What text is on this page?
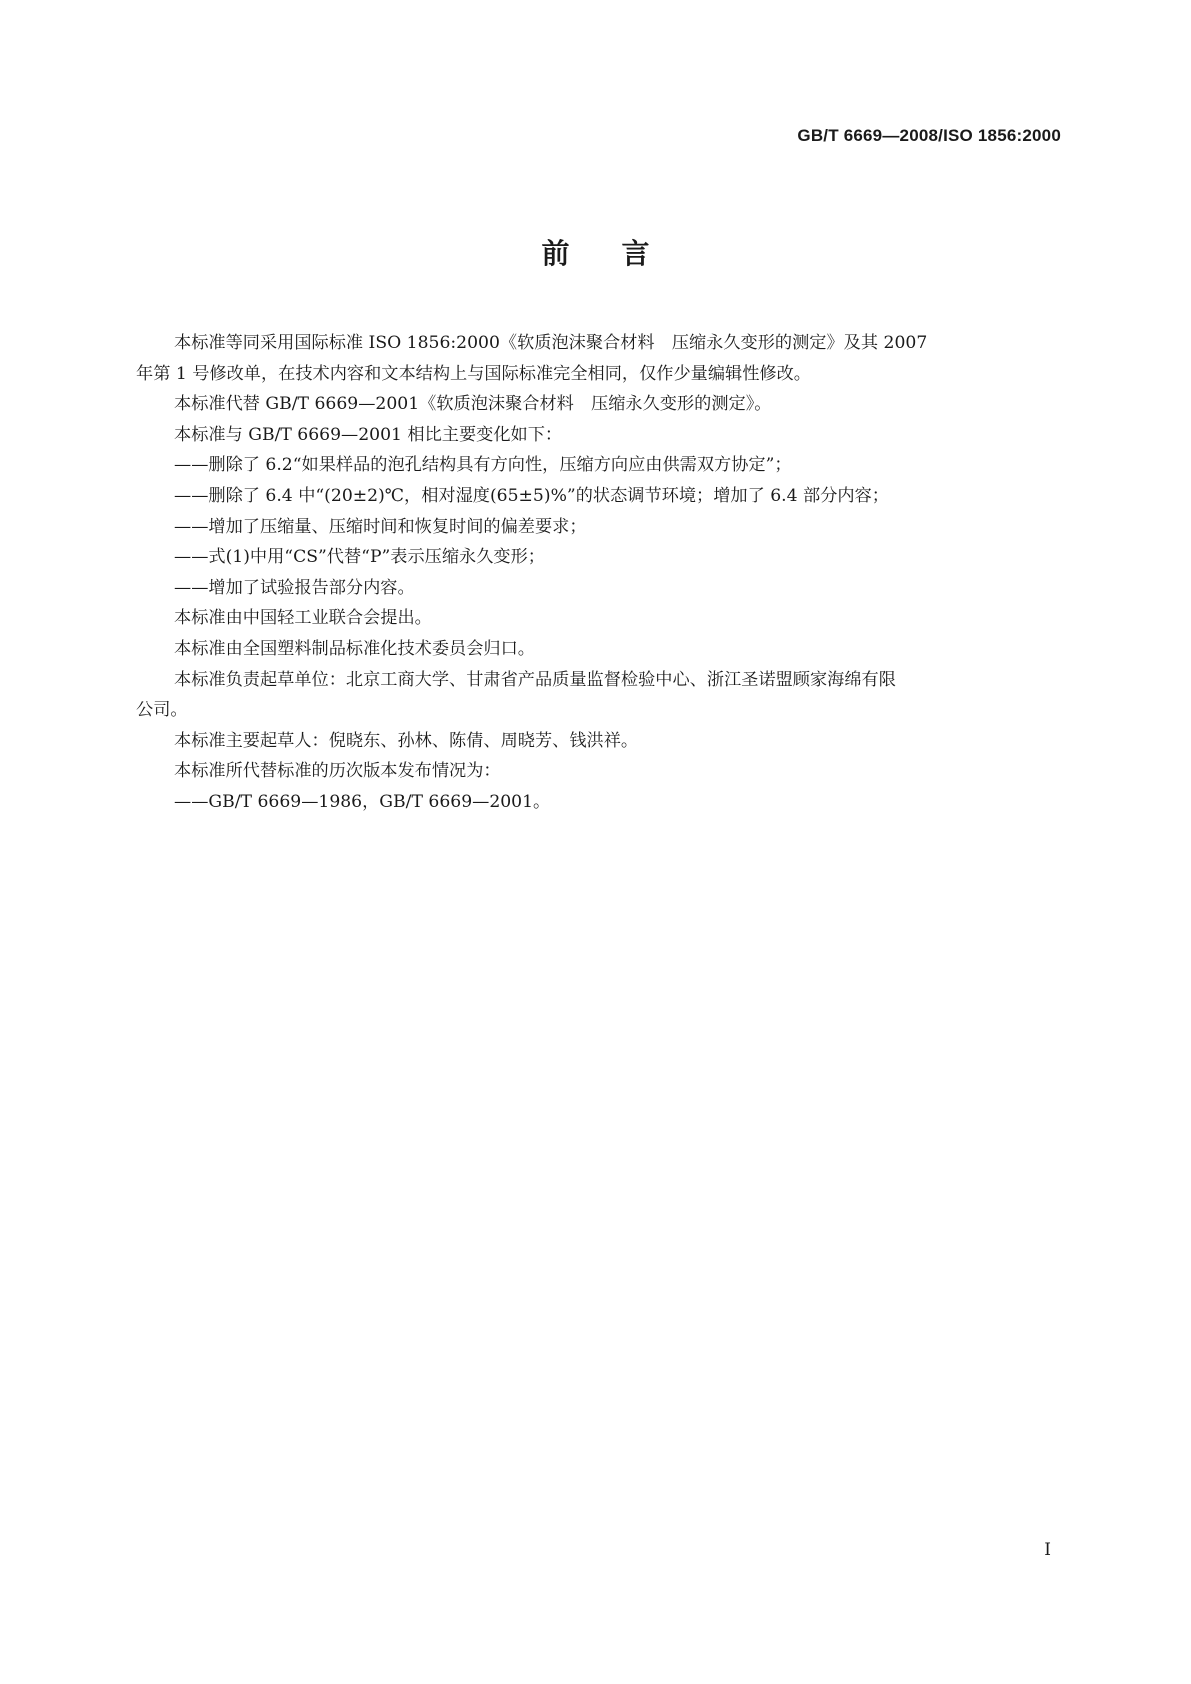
GB/T 6669—2008/ISO 1856:2000
前言

本标准等同采用国际标准 ISO 1856:2000《软质泡沫聚合材料　压缩永久变形的测定》及其 2007

年第 1 号修改单，在技术内容和文本结构上与国际标准完全相同，仅作少量编辑性修改。

本标准代替 GB/T 6669—2001《软质泡沫聚合材料　压缩永久变形的测定》。

本标准与 GB/T 6669—2001 相比主要变化如下：

——删除了 6.2“如果样品的泡孔结构具有方向性，压缩方向应由供需双方协定”；

——删除了 6.4 中“(20±2)℃，相对湿度(65±5)%”的状态调节环境；增加了 6.4 部分内容；

——增加了压缩量、压缩时间和恢复时间的偏差要求；

——式(1)中用“CS”代替“P”表示压缩永久变形；

——增加了试验报告部分内容。

本标准由中国轻工业联合会提出。

本标准由全国塑料制品标准化技术委员会归口。

本标准负责起草单位：北京工商大学、甘肃省产品质量监督检验中心、浙江圣诺盟顾家海绵有限

公司。

本标准主要起草人：倪晓东、孙林、陈倩、周晓芳、钱洪祥。

本标准所代替标准的历次版本发布情况为：

——GB/T 6669—1986，GB/T 6669—2001。

I
